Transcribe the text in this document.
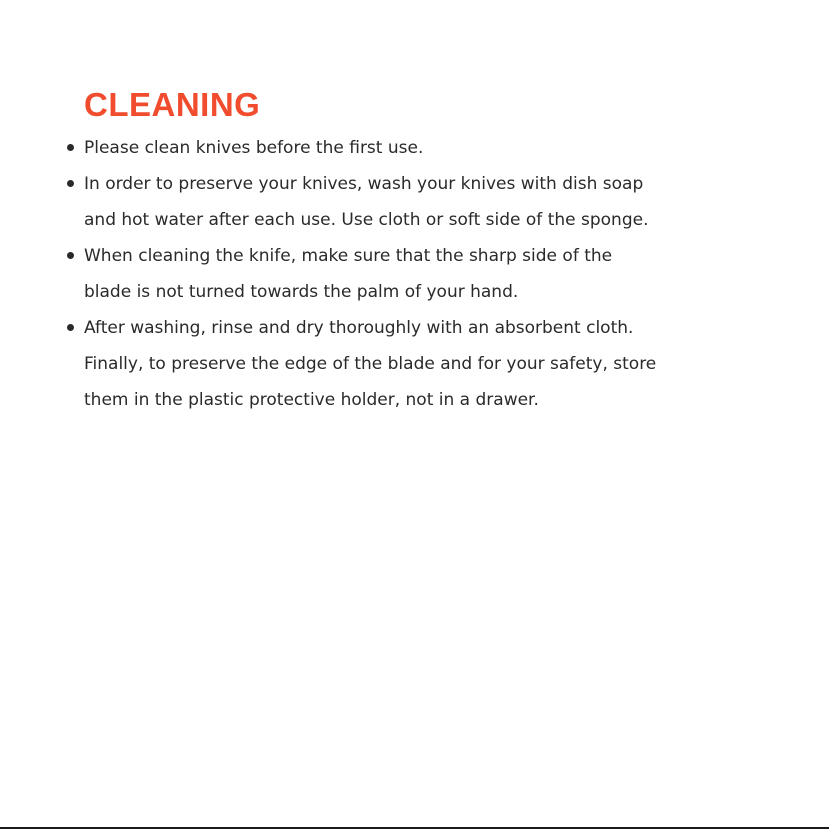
CLEANING
Please clean knives before the first use.
In order to preserve your knives, wash your knives with dish soap
and hot water after each use. Use cloth or soft side of the sponge.
When cleaning the knife, make sure that the sharp side of the
blade is not turned towards the palm of your hand.
After washing, rinse and dry thoroughly with an absorbent cloth.
Finally, to preserve the edge of the blade and for your safety, store
them in the plastic protective holder, not in a drawer.
